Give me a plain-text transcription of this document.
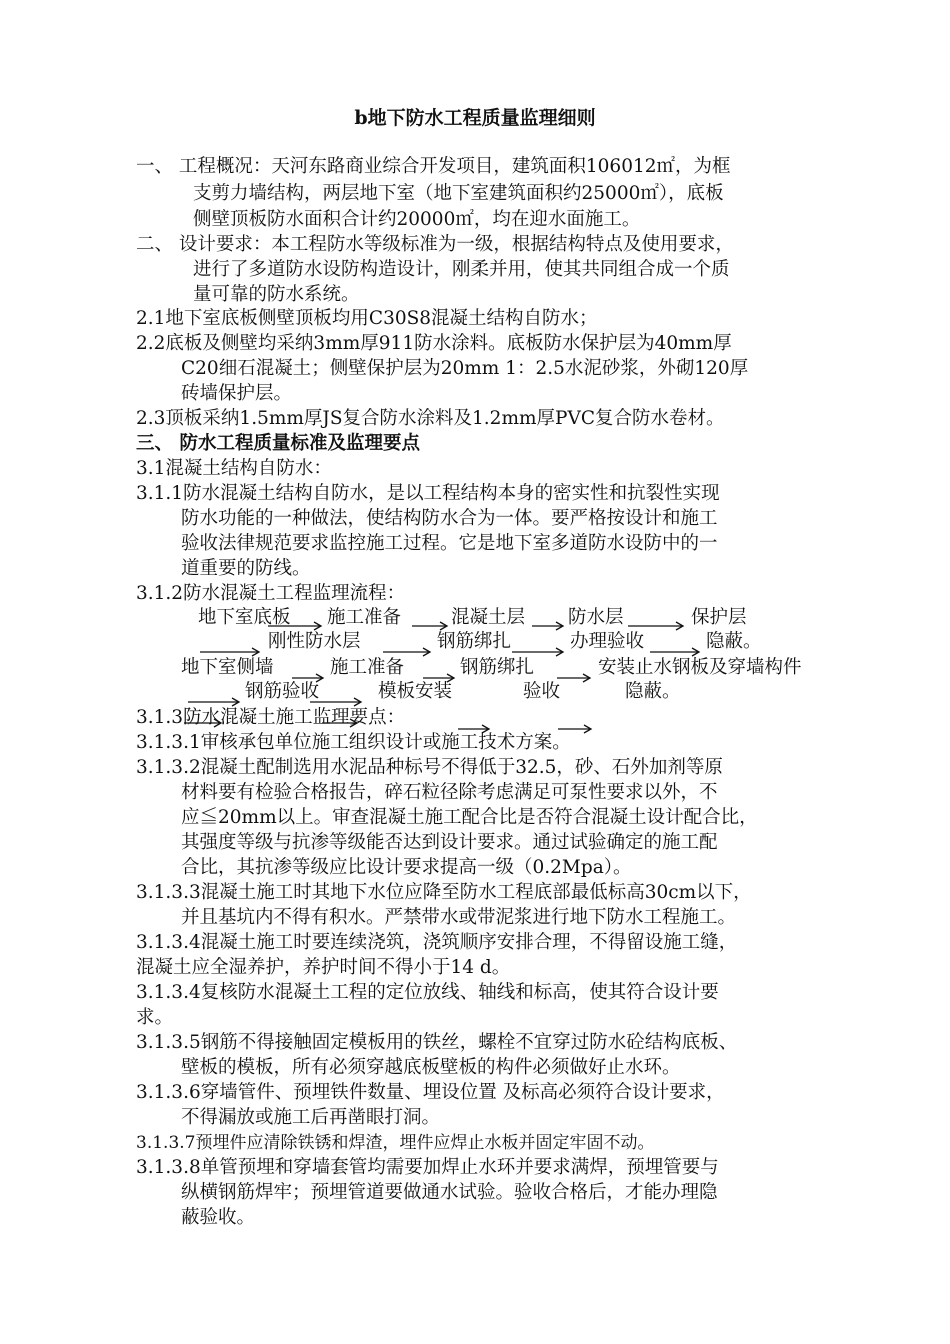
b地下防水工程质量监理细则
一、 工程概况：天河东路商业综合开发项目，建筑面积106012㎡，为框
支剪力墙结构，两层地下室（地下室建筑面积约25000㎡），底板
侧壁顶板防水面积合计约20000㎡，均在迎水面施工。
二、 设计要求：本工程防水等级标准为一级，根据结构特点及使用要求，
进行了多道防水设防构造设计，刚柔并用，使其共同组合成一个质
量可靠的防水系统。
2.1地下室底板侧壁顶板均用C30S8混凝土结构自防水；
2.2底板及侧壁均采纳3mm厚911防水涂料。底板防水保护层为40mm厚
C20细石混凝土；侧壁保护层为20mm 1：2.5水泥砂浆，外砌120厚
砖墙保护层。
2.3顶板采纳1.5mm厚JS复合防水涂料及1.2mm厚PVC复合防水卷材。
三、 防水工程质量标准及监理要点
3.1混凝土结构自防水：
3.1.1防水混凝土结构自防水，是以工程结构本身的密实性和抗裂性实现
防水功能的一种做法，使结构防水合为一体。要严格按设计和施工
验收法律规范要求监控施工过程。它是地下室多道防水设防中的一
道重要的防线。
3.1.2防水混凝土工程监理流程：
地下室底板 施工准备	混凝土层 防水层	保护层
刚性防水层	钢筋绑扎	办理验收	隐蔽。
地下室侧墙	施工准备	钢筋绑扎	安装止水钢板及穿墙构件
钢筋验收	模板安装	验收	隐蔽。
3.1.3防水混凝土施工监理要点：
3.1.3.1审核承包单位施工组织设计或施工技术方案。
3.1.3.2混凝土配制选用水泥品种标号不得低于32.5，砂、石外加剂等原
材料要有检验合格报告，碎石粒径除考虑满足可泵性要求以外，不
应≦20mm以上。审查混凝土施工配合比是否符合混凝土设计配合比，
其强度等级与抗渗等级能否达到设计要求。通过试验确定的施工配
合比，其抗渗等级应比设计要求提高一级（0.2Mpa）。
3.1.3.3混凝土施工时其地下水位应降至防水工程底部最低标高30cm以下，
并且基坑内不得有积水。严禁带水或带泥浆进行地下防水工程施工。
3.1.3.4混凝土施工时要连续浇筑，浇筑顺序安排合理，不得留设施工缝，
混凝土应全湿养护，养护时间不得小于14 d。
3.1.3.4复核防水混凝土工程的定位放线、轴线和标高，使其符合设计要
求。
3.1.3.5钢筋不得接触固定模板用的铁丝，螺栓不宜穿过防水砼结构底板、
壁板的模板，所有必须穿越底板壁板的构件必须做好止水环。
3.1.3.6穿墙管件、预埋铁件数量、埋设位置 及标高必须符合设计要求，
不得漏放或施工后再凿眼打洞。
3.1.3.7预埋件应清除铁锈和焊渣，埋件应焊止水板并固定牢固不动。
3.1.3.8单管预埋和穿墙套管均需要加焊止水环并要求满焊，预埋管要与
纵横钢筋焊牢；预埋管道要做通水试验。验收合格后，才能办理隐
蔽验收。
